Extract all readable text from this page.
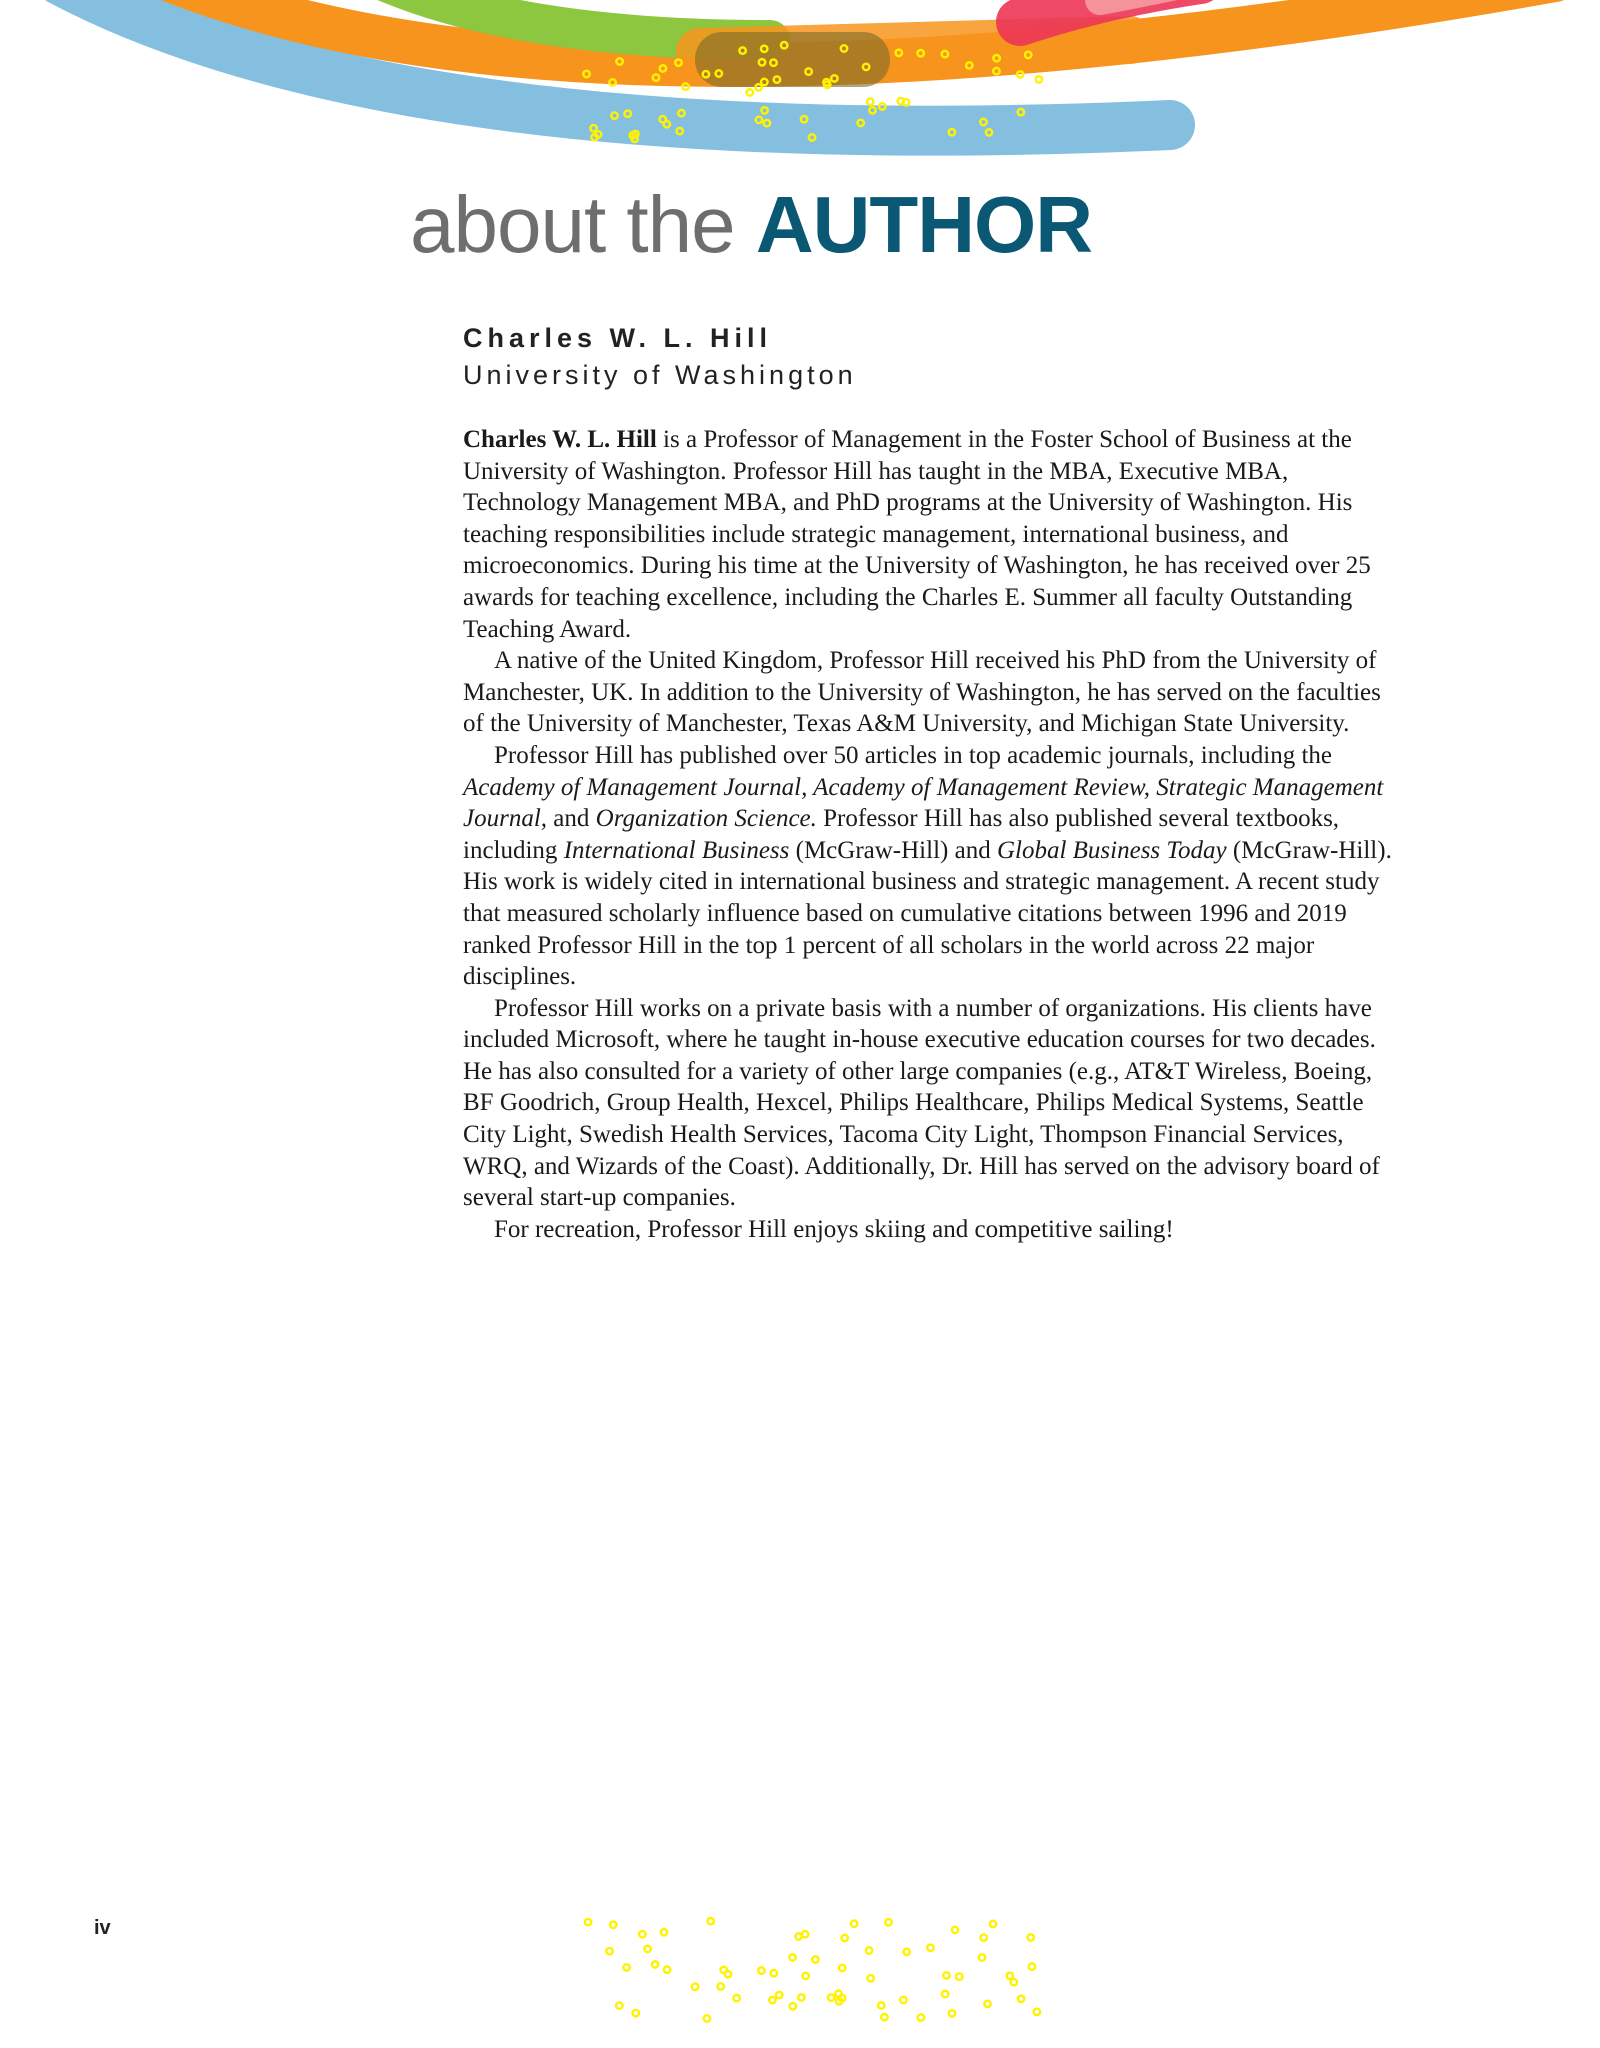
about the AUTHOR
Charles W. L. Hill
University of Washington

Charles W. L. Hill is a Professor of Management in the Foster School of Business at the University of Washington. Professor Hill has taught in the MBA, Executive MBA, Technology Management MBA, and PhD programs at the University of Washington. His teaching responsibilities include strategic management, international business, and microeconomics. During his time at the University of Washington, he has received over 25 awards for teaching excellence, including the Charles E. Summer all faculty Outstanding Teaching Award.

A native of the United Kingdom, Professor Hill received his PhD from the University of Manchester, UK. In addition to the University of Washington, he has served on the faculties of the University of Manchester, Texas A&M University, and Michigan State University.

Professor Hill has published over 50 articles in top academic journals, including the Academy of Management Journal, Academy of Management Review, Strategic Management Journal, and Organization Science. Professor Hill has also published several textbooks, including International Business (McGraw-Hill) and Global Business Today (McGraw-Hill). His work is widely cited in international business and strategic management. A recent study that measured scholarly influence based on cumulative citations between 1996 and 2019 ranked Professor Hill in the top 1 percent of all scholars in the world across 22 major disciplines.

Professor Hill works on a private basis with a number of organizations. His clients have included Microsoft, where he taught in-house executive education courses for two decades. He has also consulted for a variety of other large companies (e.g., AT&T Wireless, Boeing, BF Goodrich, Group Health, Hexcel, Philips Healthcare, Philips Medical Systems, Seattle City Light, Swedish Health Services, Tacoma City Light, Thompson Financial Services, WRQ, and Wizards of the Coast). Additionally, Dr. Hill has served on the advisory board of several start-up companies.

For recreation, Professor Hill enjoys skiing and competitive sailing!

iv
